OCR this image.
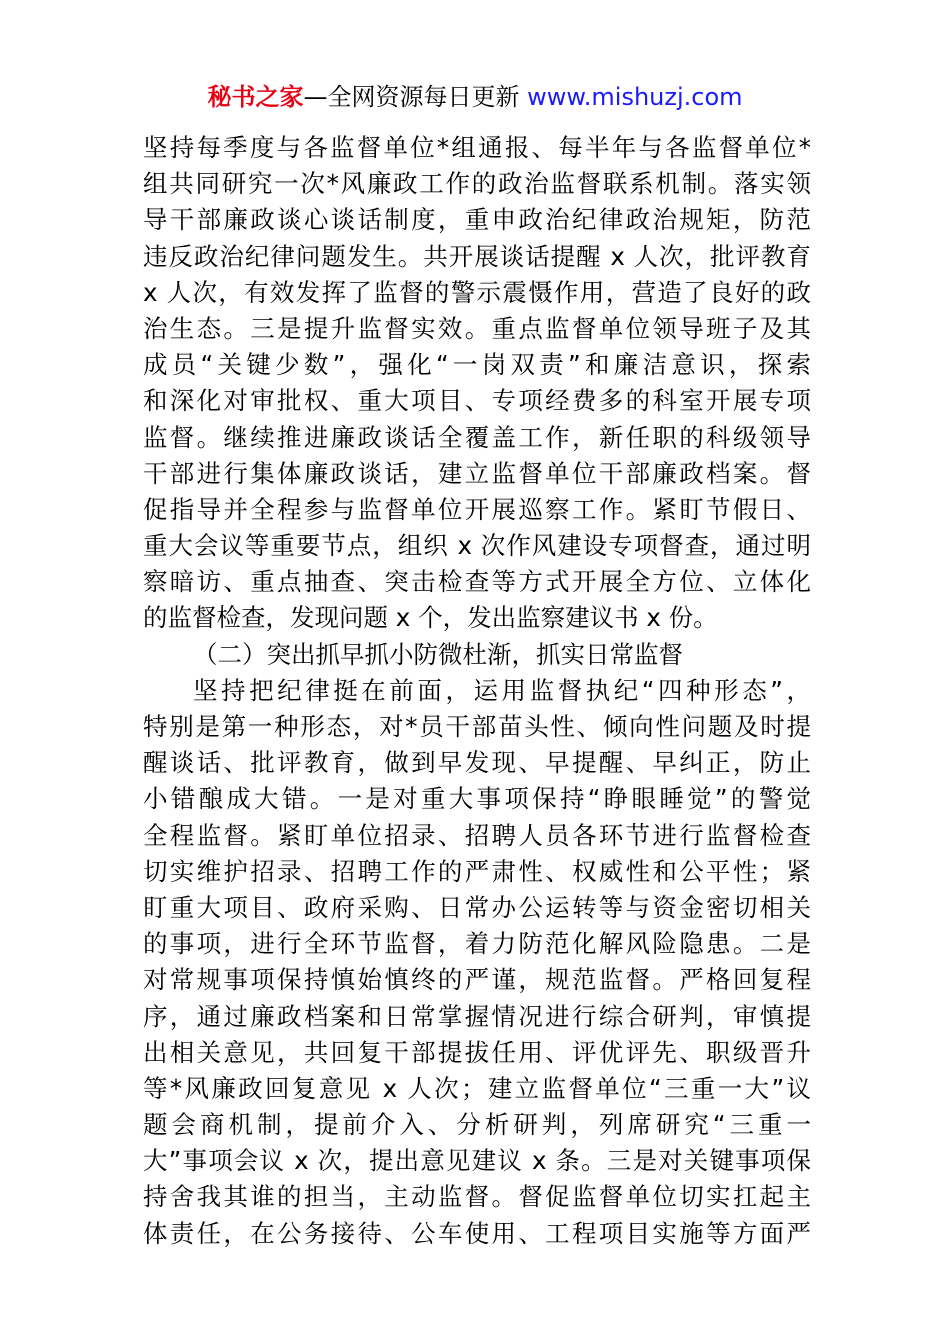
秘书之家—全网资源每日更新 www.mishuzj.com
坚持每季度与各监督单位*组通报、每半年与各监督单位*
组共同研究一次*风廉政工作的政治监督联系机制。落实领
导干部廉政谈心谈话制度，重申政治纪律政治规矩，防范
违反政治纪律问题发生。共开展谈话提醒 x 人次，批评教育
x 人次，有效发挥了监督的警示震慑作用，营造了良好的政
治生态。三是提升监督实效。重点监督单位领导班子及其
成员“关键少数”，强化“一岗双责”和廉洁意识，探索
和深化对审批权、重大项目、专项经费多的科室开展专项
监督。继续推进廉政谈话全覆盖工作，新任职的科级领导
干部进行集体廉政谈话，建立监督单位干部廉政档案。督
促指导并全程参与监督单位开展巡察工作。紧盯节假日、
重大会议等重要节点，组织 x 次作风建设专项督查，通过明
察暗访、重点抽查、突击检查等方式开展全方位、立体化
的监督检查，发现问题 x 个，发出监察建议书 x 份。
（二）突出抓早抓小防微杜渐，抓实日常监督
坚持把纪律挺在前面，运用监督执纪“四种形态”，
特别是第一种形态，对*员干部苗头性、倾向性问题及时提
醒谈话、批评教育，做到早发现、早提醒、早纠正，防止
小错酿成大错。一是对重大事项保持“睁眼睡觉”的警觉
全程监督。紧盯单位招录、招聘人员各环节进行监督检查
切实维护招录、招聘工作的严肃性、权威性和公平性；紧
盯重大项目、政府采购、日常办公运转等与资金密切相关
的事项，进行全环节监督，着力防范化解风险隐患。二是
对常规事项保持慎始慎终的严谨，规范监督。严格回复程
序，通过廉政档案和日常掌握情况进行综合研判，审慎提
出相关意见，共回复干部提拔任用、评优评先、职级晋升
等*风廉政回复意见 x 人次；建立监督单位“三重一大”议
题会商机制，提前介入、分析研判，列席研究“三重一
大”事项会议 x 次，提出意见建议 x 条。三是对关键事项保
持舍我其谁的担当，主动监督。督促监督单位切实扛起主
体责任，在公务接待、公车使用、工程项目实施等方面严
